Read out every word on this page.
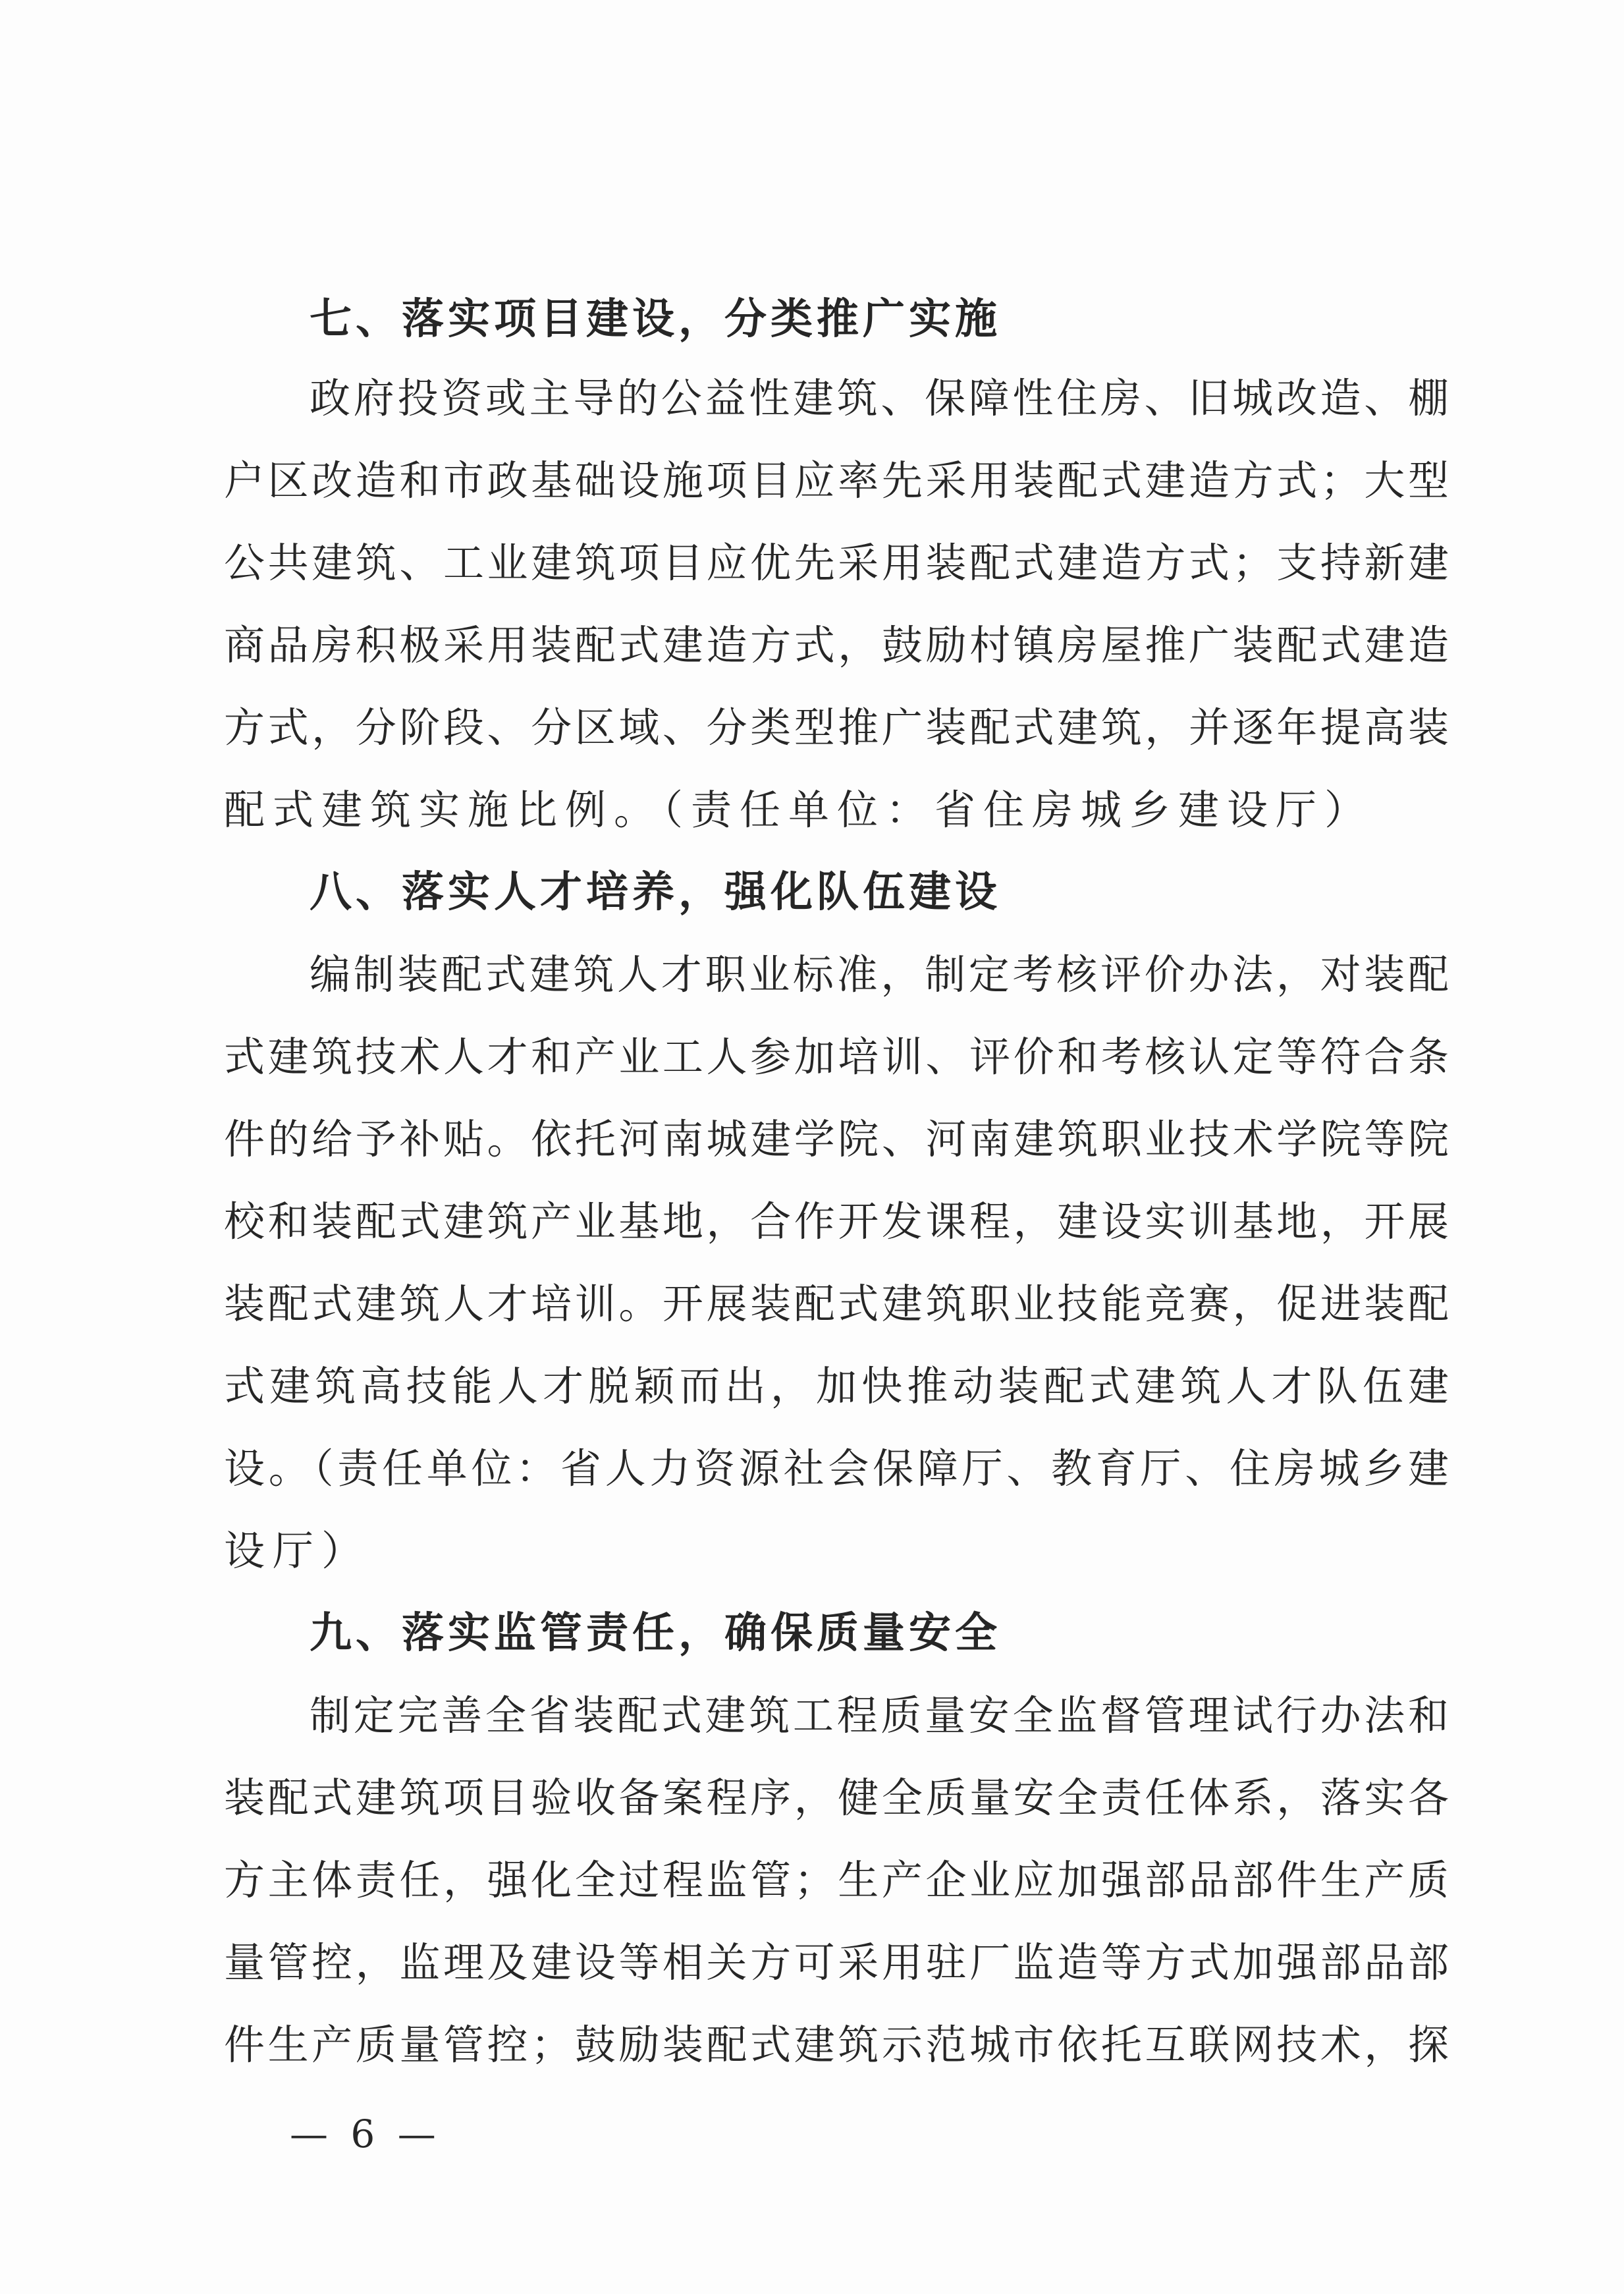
七、落实项目建设，分类推广实施
政府投资或主导的公益性建筑、保障性住房、旧城改造、棚
户区改造和市政基础设施项目应率先采用装配式建造方式；大型
公共建筑、工业建筑项目应优先采用装配式建造方式；支持新建
商品房积极采用装配式建造方式，鼓励村镇房屋推广装配式建造
方式，分阶段、分区域、分类型推广装配式建筑，并逐年提高装
配式建筑实施比例。（责任单位：省住房城乡建设厅）
八、落实人才培养，强化队伍建设
编制装配式建筑人才职业标准，制定考核评价办法，对装配
式建筑技术人才和产业工人参加培训、评价和考核认定等符合条
件的给予补贴。依托河南城建学院、河南建筑职业技术学院等院
校和装配式建筑产业基地，合作开发课程，建设实训基地，开展
装配式建筑人才培训。开展装配式建筑职业技能竞赛，促进装配
式建筑高技能人才脱颖而出，加快推动装配式建筑人才队伍建
设。（责任单位：省人力资源社会保障厅、教育厅、住房城乡建
设厅）
九、落实监管责任，确保质量安全
制定完善全省装配式建筑工程质量安全监督管理试行办法和
装配式建筑项目验收备案程序，健全质量安全责任体系，落实各
方主体责任，强化全过程监管；生产企业应加强部品部件生产质
量管控，监理及建设等相关方可采用驻厂监造等方式加强部品部
件生产质量管控；鼓励装配式建筑示范城市依托互联网技术，探
— 6 —
